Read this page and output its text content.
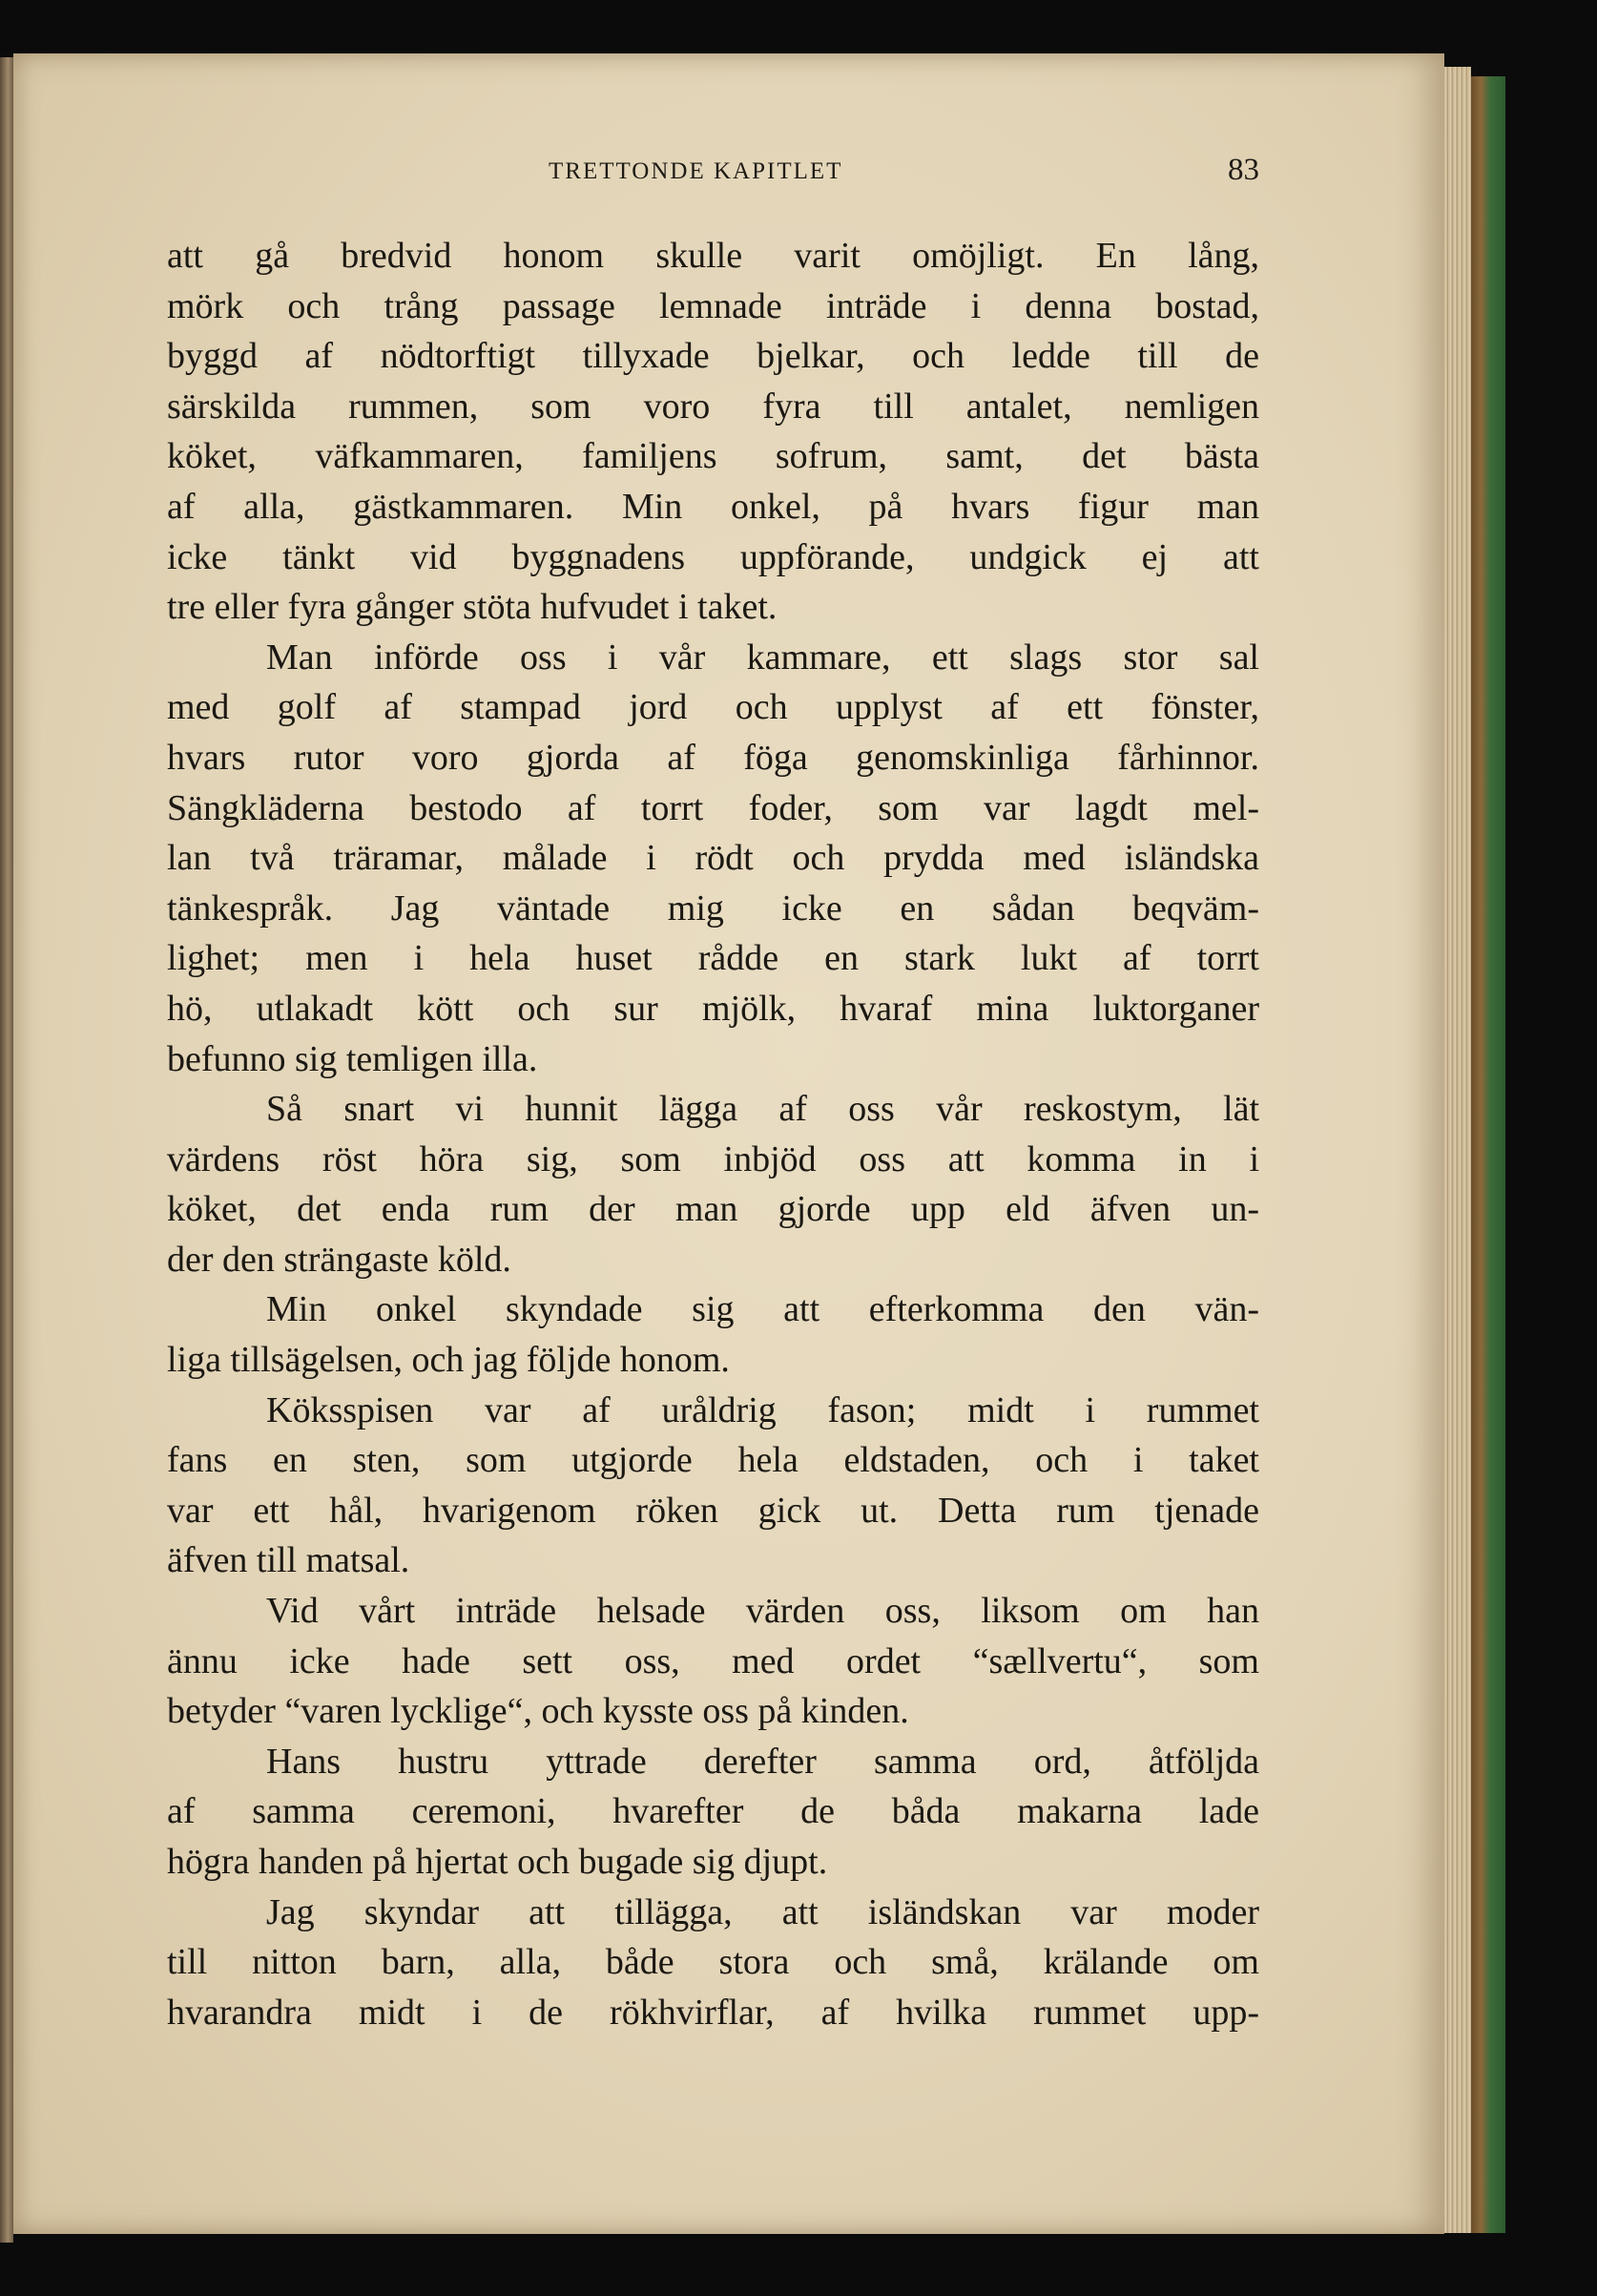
TRETTONDE KAPITLET	83
att gå bredvid honom skulle varit omöjligt. En lång,
mörk och trång passage lemnade inträde i denna bostad,
byggd af nödtorftigt tillyxade bjelkar, och ledde till de
särskilda rummen, som voro fyra till antalet, nemligen
köket, väfkammaren, familjens sofrum, samt, det bästa
af alla, gästkammaren. Min onkel, på hvars figur man
icke tänkt vid byggnadens uppförande, undgick ej att
tre eller fyra gånger stöta hufvudet i taket.
Man införde oss i vår kammare, ett slags stor sal
med golf af stampad jord och upplyst af ett fönster,
hvars rutor voro gjorda af föga genomskinliga fårhinnor.
Sängkläderna bestodo af torrt foder, som var lagdt mel-
lan två träramar, målade i rödt och prydda med isländska
tänkespråk. Jag väntade mig icke en sådan beqväm-
lighet; men i hela huset rådde en stark lukt af torrt
hö, utlakadt kött och sur mjölk, hvaraf mina luktorganer
befunno sig temligen illa.
Så snart vi hunnit lägga af oss vår reskostym, lät
värdens röst höra sig, som inbjöd oss att komma in i
köket, det enda rum der man gjorde upp eld äfven un-
der den strängaste köld.
Min onkel skyndade sig att efterkomma den vän-
liga tillsägelsen, och jag följde honom.
Köksspisen var af uråldrig fason; midt i rummet
fans en sten, som utgjorde hela eldstaden, och i taket
var ett hål, hvarigenom röken gick ut. Detta rum tjenade
äfven till matsal.
Vid vårt inträde helsade värden oss, liksom om han
ännu icke hade sett oss, med ordet “sællvertu“, som
betyder “varen lycklige“, och kysste oss på kinden.
Hans hustru yttrade derefter samma ord, åtföljda
af samma ceremoni, hvarefter de båda makarna lade
högra handen på hjertat och bugade sig djupt.
Jag skyndar att tillägga, att isländskan var moder
till nitton barn, alla, både stora och små, krälande om
hvarandra midt i de rökhvirflar, af hvilka rummet upp-
